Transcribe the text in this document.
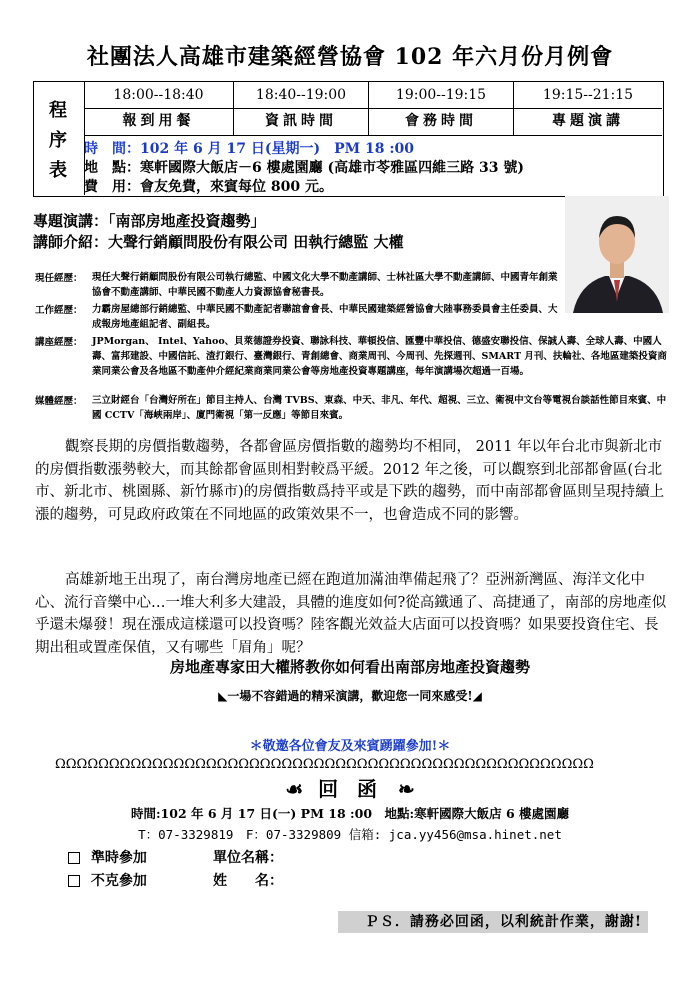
社團法人高雄市建築經營協會 102 年六月份月例會
程
序
表
18:00--18:40	18:40--19:00	19:00--19:15	19:15--21:15
報到用餐	資訊時間	會務時間	專題演講
時　間：102 年 6 月 17 日(星期一)　PM 18 :00
地　點：寒軒國際大飯店－6 樓處園廳 (高雄市苓雅區四維三路 33 號)
費　用：會友免費，來賓每位 800 元。
專題演講：「南部房地產投資趨勢」
講師介紹：大聲行銷顧問股份有限公司 田執行總監 大權
現任經歷： 現任大聲行銷顧問股份有限公司執行總監、中國文化大學不動產講師、士林社區大學不動產講師、中國青年創業協會不動產講師、中華民國不動產人力資源協會秘書長。
工作經歷： 力霸房屋總部行銷總監、中華民國不動產記者聯誼會會長、中華民國建築經營協會大陸事務委員會主任委員、大成報房地產組記者、副組長。
講座經歷： JPMorgan、 Intel、Yahoo、貝萊德證券投資、聯詠科技、華頓投信、匯豐中華投信、德盛安聯投信、保誠人壽、全球人壽、中國人壽、富邦建設、中國信託、渣打銀行、臺灣銀行、青創總會、商業周刊、今周刊、先探週刊、SMART 月刊、扶輪社、各地區建築投資商業同業公會及各地區不動產仲介經紀業商業同業公會等房地產投資專題講座，每年演講場次超過一百場。
媒體經歷： 三立財經台「台灣好所在」節目主持人、台灣 TVBS、東森、中天、非凡、年代、超視、三立、衛視中文台等電視台談話性節目來賓、中國 CCTV「海峽兩岸」、廈門衛視「第一反應」等節目來賓。
觀察長期的房價指數趨勢，各都會區房價指數的趨勢均不相同， 2011 年以年台北市與新北市的房價指數漲勢較大，而其餘都會區則相對較爲平緩。2012 年之後，可以觀察到北部都會區(台北市、新北市、桃園縣、新竹縣市)的房價指數爲持平或是下跌的趨勢，而中南部都會區則呈現持續上漲的趨勢，可見政府政策在不同地區的政策效果不一，也會造成不同的影響。
高雄新地王出現了，南台灣房地產已經在跑道加滿油準備起飛了？亞洲新灣區、海洋文化中心、流行音樂中心…一堆大利多大建設，具體的進度如何?從高鐵通了、高捷通了，南部的房地產似乎還未爆發！現在漲成這樣還可以投資嗎？陸客觀光效益大店面可以投資嗎？如果要投資住宅、長期出租或置產保值，又有哪些「眉角」呢？
房地產專家田大權將教你如何看出南部房地產投資趨勢
◣一場不容錯過的精采演講，歡迎您一同來感受!◢
＊敬邀各位會友及來賓踴躍參加!＊
ΩΩΩΩΩΩΩΩΩΩΩΩΩΩΩΩΩΩΩΩΩΩΩΩΩΩΩΩΩΩΩΩΩΩΩΩΩΩΩΩΩΩΩΩΩΩΩΩΩΩ
☙ 回 函 ❧
時間:102 年 6 月 17 日(一) PM 18 :00　地點:寒軒國際大飯店 6 樓處園廳
T：07-3329819　F：07-3329809 信箱: jca.yy456@msa.hinet.net
準時參加
不克參加
單位名稱：
姓　　名：
ＰＳ．請務必回函，以利統計作業，謝謝!
